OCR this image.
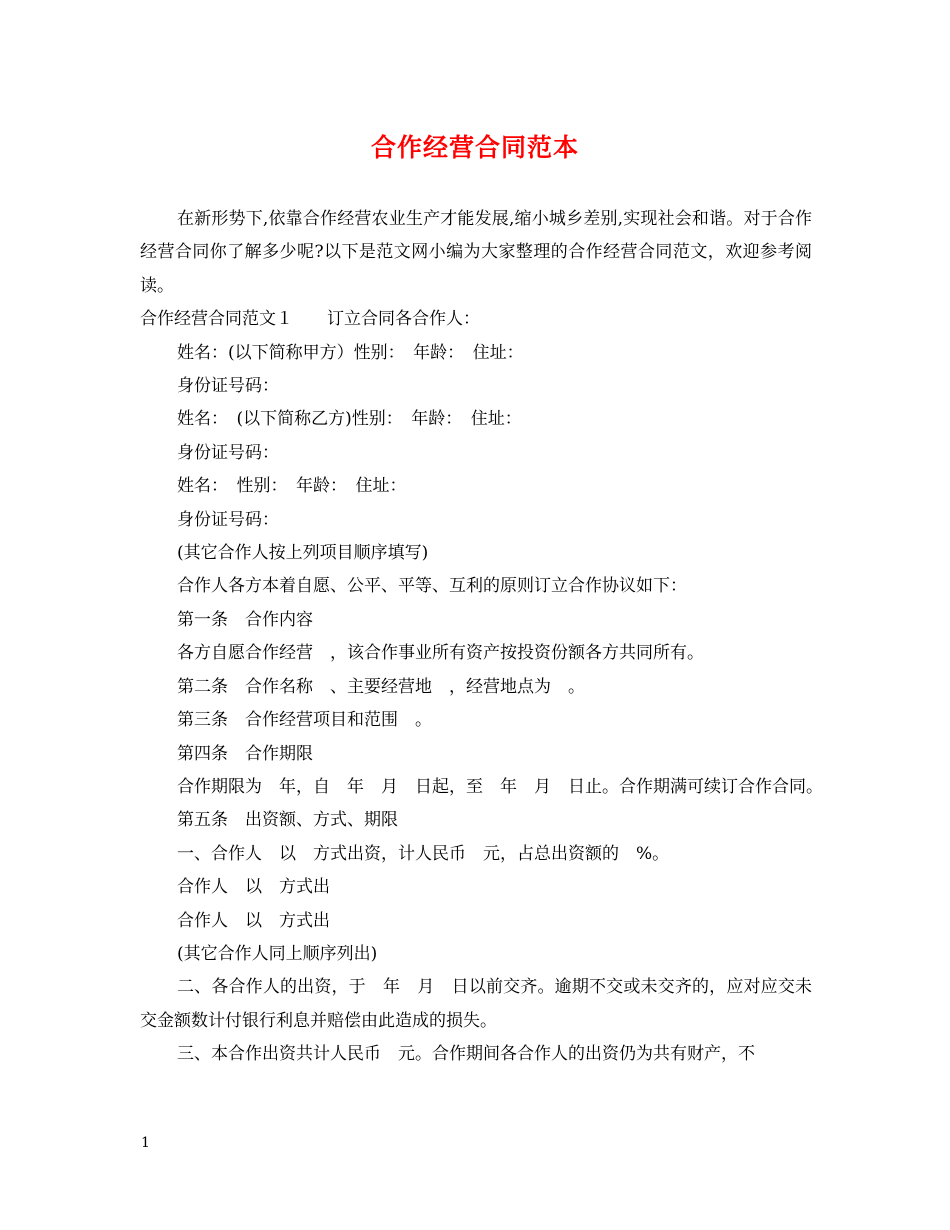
合作经营合同范本

在新形势下,依靠合作经营农业生产才能发展,缩小城乡差别,实现社会和谐。对于合作经营合同你了解多少呢?以下是范文网小编为大家整理的合作经营合同范文，欢迎参考阅读。

合作经营合同范文１　　订立合同各合作人：

姓名：(以下简称甲方）性别：　年龄：　住址：

身份证号码：

姓名：　(以下简称乙方)性别：　年龄：　住址：

身份证号码：

姓名：　性别：　年龄：　住址：

身份证号码：

(其它合作人按上列项目顺序填写)

合作人各方本着自愿、公平、平等、互利的原则订立合作协议如下：

第一条　合作内容

各方自愿合作经营　，该合作事业所有资产按投资份额各方共同所有。

第二条　合作名称　、主要经营地　，经营地点为　。

第三条　合作经营项目和范围　。

第四条　合作期限

合作期限为　年，自　年　月　日起，至　年　月　日止。合作期满可续订合作合同。

第五条　出资额、方式、期限

一、合作人　以　方式出资，计人民币　元，占总出资额的　%。

合作人　以　方式出

合作人　以　方式出

(其它合作人同上顺序列出)

二、各合作人的出资，于　年　月　日以前交齐。逾期不交或未交齐的，应对应交未交金额数计付银行利息并赔偿由此造成的损失。

三、本合作出资共计人民币　元。合作期间各合作人的出资仍为共有财产，不

1
